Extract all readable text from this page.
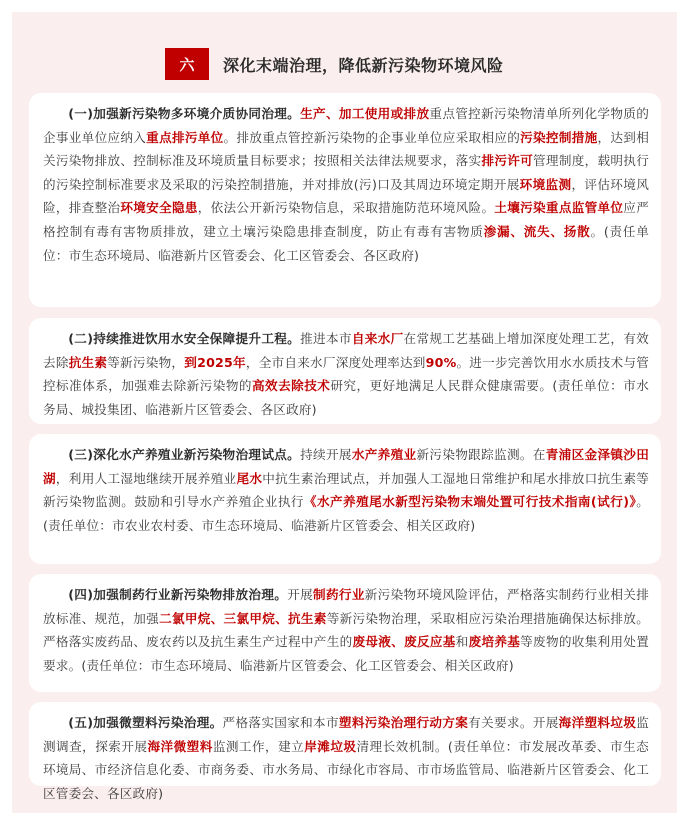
六	深化末端治理，降低新污染物环境风险

(一)加强新污染物多环境介质协同治理。生产、加工使用或排放重点管控新污染物清单所列化学物质的企事业单位应纳入重点排污单位。排放重点管控新污染物的企事业单位应采取相应的污染控制措施，达到相关污染物排放、控制标准及环境质量目标要求；按照相关法律法规要求，落实排污许可管理制度，载明执行的污染控制标准要求及采取的污染控制措施，并对排放(污)口及其周边环境定期开展环境监测，评估环境风险，排查整治环境安全隐患，依法公开新污染物信息，采取措施防范环境风险。土壤污染重点监管单位应严格控制有毒有害物质排放，建立土壤污染隐患排查制度，防止有毒有害物质渗漏、流失、扬散。(责任单位：市生态环境局、临港新片区管委会、化工区管委会、各区政府)

(二)持续推进饮用水安全保障提升工程。推进本市自来水厂在常规工艺基础上增加深度处理工艺，有效去除抗生素等新污染物，到2025年，全市自来水厂深度处理率达到90%。进一步完善饮用水水质技术与管控标准体系，加强难去除新污染物的高效去除技术研究，更好地满足人民群众健康需要。(责任单位：市水务局、城投集团、临港新片区管委会、各区政府)

(三)深化水产养殖业新污染物治理试点。持续开展水产养殖业新污染物跟踪监测。在青浦区金泽镇沙田湖，利用人工湿地继续开展养殖业尾水中抗生素治理试点，并加强人工湿地日常维护和尾水排放口抗生素等新污染物监测。鼓励和引导水产养殖企业执行《水产养殖尾水新型污染物末端处置可行技术指南(试行)》。(责任单位：市农业农村委、市生态环境局、临港新片区管委会、相关区政府)

(四)加强制药行业新污染物排放治理。开展制药行业新污染物环境风险评估，严格落实制药行业相关排放标准、规范，加强二氯甲烷、三氯甲烷、抗生素等新污染物治理，采取相应污染治理措施确保达标排放。严格落实废药品、废农药以及抗生素生产过程中产生的废母液、废反应基和废培养基等废物的收集利用处置要求。(责任单位：市生态环境局、临港新片区管委会、化工区管委会、相关区政府)

(五)加强微塑料污染治理。严格落实国家和本市塑料污染治理行动方案有关要求。开展海洋塑料垃圾监测调查，探索开展海洋微塑料监测工作，建立岸滩垃圾清理长效机制。(责任单位：市发展改革委、市生态环境局、市经济信息化委、市商务委、市水务局、市绿化市容局、市市场监管局、临港新片区管委会、化工区管委会、各区政府)
